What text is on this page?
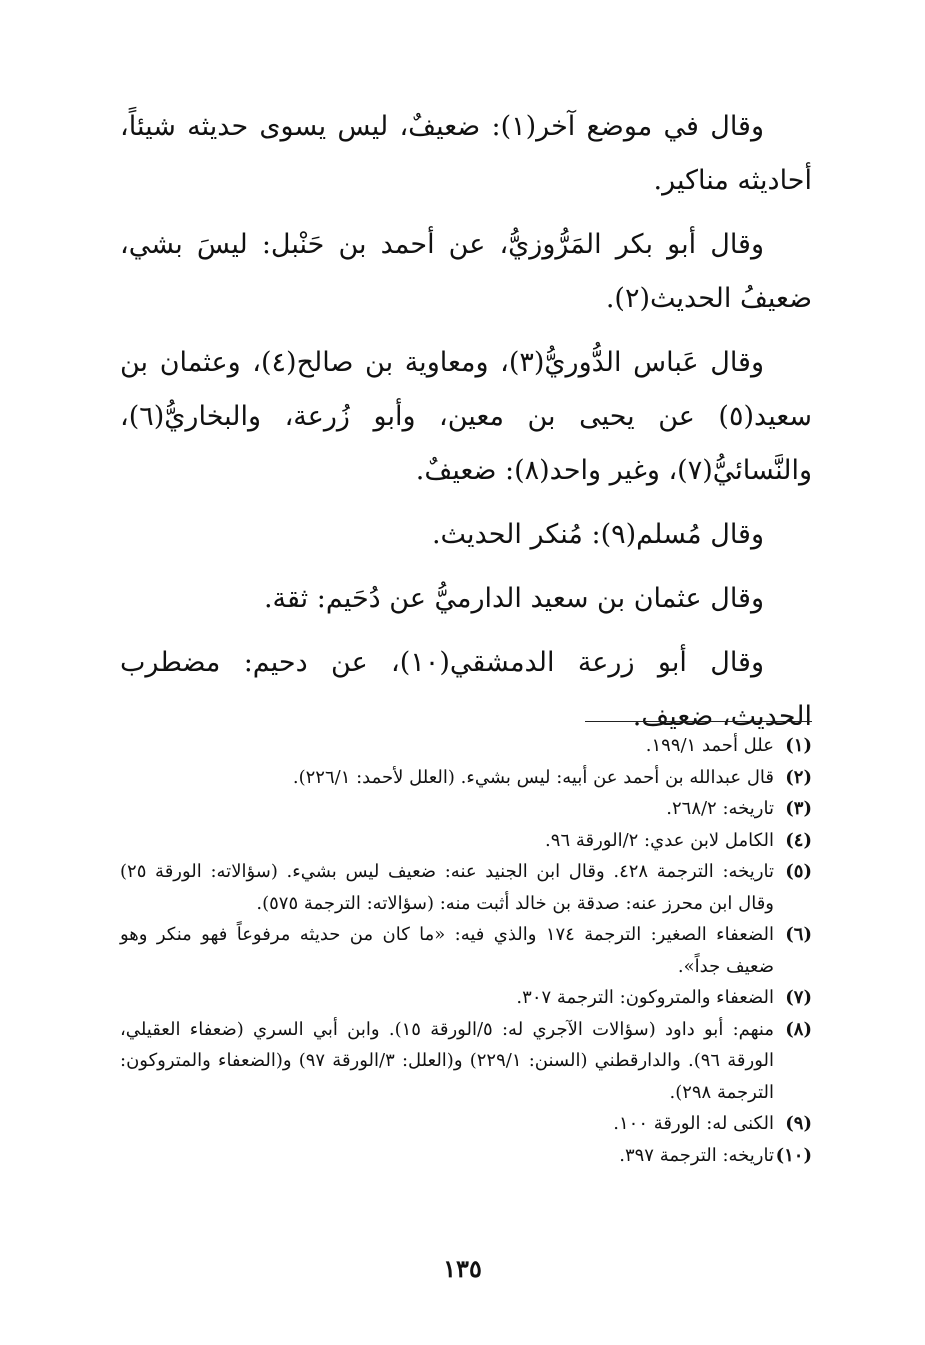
وقال في موضع آخر(١): ضعيفٌ، ليس يسوى حديثه شيئاً، أحاديثه مناكير.

وقال أبو بكر المَرُّوزيُّ، عن أحمد بن حَنْبل: ليسَ بشي، ضعيفُ الحديث(٢).

وقال عَباس الدُّوريُّ(٣)، ومعاوية بن صالح(٤)، وعثمان بن سعيد(٥) عن يحيى بن معين، وأبو زُرعة، والبخاريُّ(٦)، والنَّسائيُّ(٧)، وغير واحد(٨): ضعيفٌ.

وقال مُسلم(٩): مُنكر الحديث.

وقال عثمان بن سعيد الدارميُّ عن دُحَيم: ثقة.

وقال أبو زرعة الدمشقي(١٠)، عن دحيم: مضطرب الحديث، ضعيف.

(١)
علل أحمد ١٩٩/١.
(٢)
قال عبدالله بن أحمد عن أبيه: ليس بشيء. (العلل لأحمد: ٢٢٦/١).
(٣)
تاريخه: ٢٦٨/٢.
(٤)
الكامل لابن عدي: ٢/الورقة ٩٦.
(٥)
تاريخه: الترجمة ٤٢٨. وقال ابن الجنيد عنه: ضعيف ليس بشيء. (سؤالاته: الورقة ٢٥) وقال ابن محرز عنه: صدقة بن خالد أثبت منه: (سؤالاته: الترجمة ٥٧٥).
(٦)
الضعفاء الصغير: الترجمة ١٧٤ والذي فيه: «ما كان من حديثه مرفوعاً فهو منكر وهو ضعيف جداً».
(٧)
الضعفاء والمتروكون: الترجمة ٣٠٧.
(٨)
منهم: أبو داود (سؤالات الآجري له: ٥/الورقة ١٥). وابن أبي السري (ضعفاء العقيلي، الورقة ٩٦). والدارقطني (السنن: ٢٢٩/١) و(العلل: ٣/الورقة ٩٧) و(الضعفاء والمتروكون: الترجمة ٢٩٨).
(٩)
الكنى له: الورقة ١٠٠.
(١٠)
تاريخه: الترجمة ٣٩٧.
١٣٥
